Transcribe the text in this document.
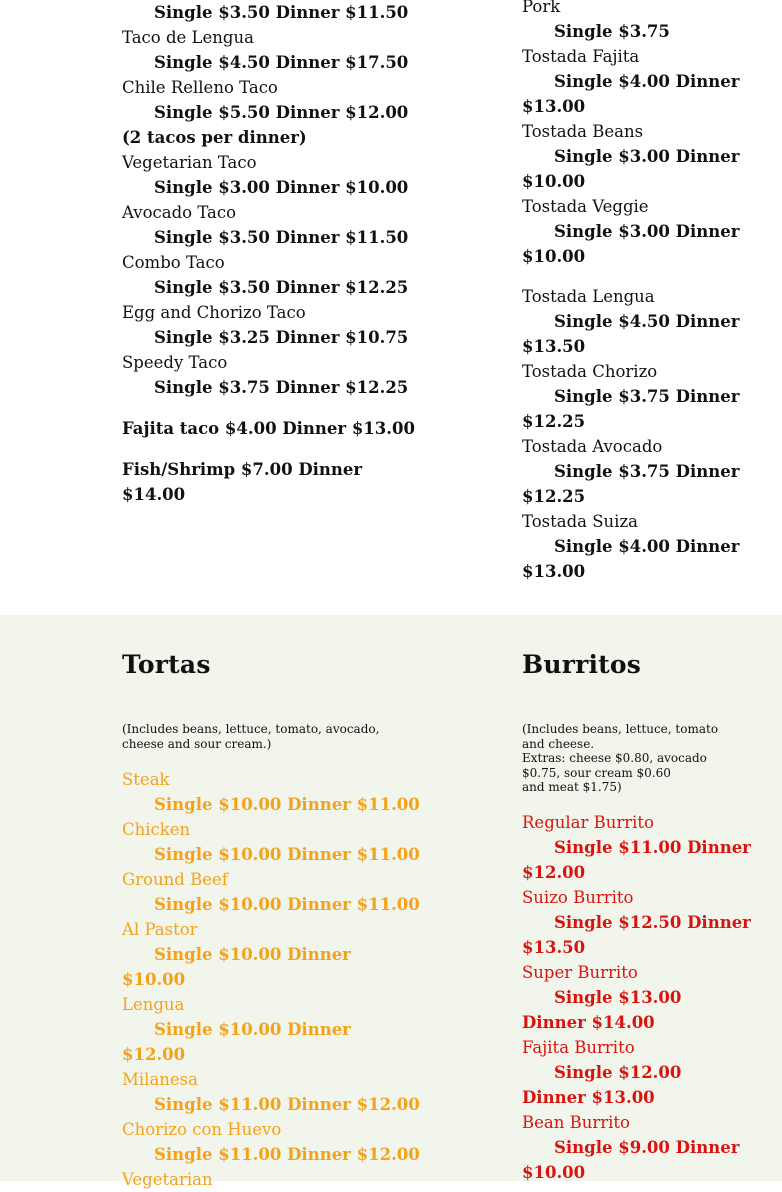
Single $3.50 Dinner $11.50
Taco de Lengua
Single $4.50 Dinner $17.50
Chile Relleno Taco
Single $5.50 Dinner $12.00
(2 tacos per dinner)
Vegetarian Taco
Single $3.00 Dinner $10.00
Avocado Taco
Single $3.50 Dinner $11.50
Combo Taco
Single $3.50 Dinner $12.25
Egg and Chorizo Taco
Single $3.25 Dinner $10.75
Speedy Taco
Single $3.75 Dinner $12.25
Fajita taco $4.00 Dinner $13.00
Fish/Shrimp $7.00 Dinner
$14.00
Pork
Single $3.75
Tostada Fajita
Single $4.00 Dinner
$13.00
Tostada Beans
Single $3.00 Dinner
$10.00
Tostada Veggie
Single $3.00 Dinner
$10.00
Tostada Lengua
Single $4.50 Dinner
$13.50
Tostada Chorizo
Single $3.75 Dinner
$12.25
Tostada Avocado
Single $3.75 Dinner
$12.25
Tostada Suiza
Single $4.00 Dinner
$13.00
Tortas
(Includes beans, lettuce, tomato, avocado,
cheese and sour cream.)
Steak
Single $10.00 Dinner $11.00
Chicken
Single $10.00 Dinner $11.00
Ground Beef
Single $10.00 Dinner $11.00
Al Pastor
Single $10.00 Dinner
$10.00
Lengua
Single $10.00 Dinner
$12.00
Milanesa
Single $11.00 Dinner $12.00
Chorizo con Huevo
Single $11.00 Dinner $12.00
Vegetarian
Burritos
(Includes beans, lettuce, tomato
and cheese.
Extras: cheese $0.80, avocado
$0.75, sour cream $0.60
and meat $1.75)
Regular Burrito
Single $11.00 Dinner
$12.00
Suizo Burrito
Single $12.50 Dinner
$13.50
Super Burrito
Single $13.00
Dinner $14.00
Fajita Burrito
Single $12.00
Dinner $13.00
Bean Burrito
Single $9.00 Dinner
$10.00
